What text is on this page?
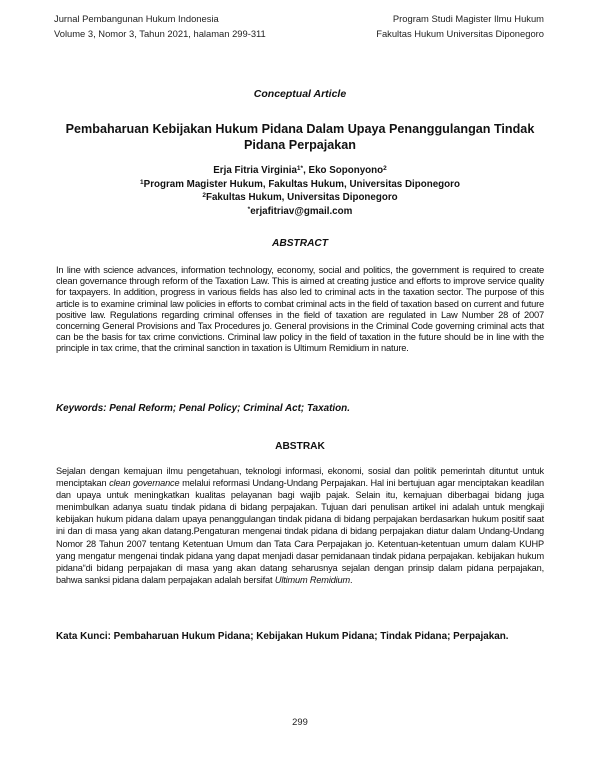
Jurnal Pembangunan Hukum Indonesia
Volume 3, Nomor 3, Tahun 2021, halaman 299-311
Program Studi Magister Ilmu Hukum
Fakultas Hukum Universitas Diponegoro
Conceptual Article
Pembaharuan Kebijakan Hukum Pidana Dalam Upaya Penanggulangan Tindak Pidana Perpajakan
Erja Fitria Virginia$^{1*}$, Eko Soponyono$^2$
$^1$Program Magister Hukum, Fakultas Hukum, Universitas Diponegoro
$^2$Fakultas Hukum, Universitas Diponegoro
*erjafitriav@gmail.com
ABSTRACT
In line with science advances, information technology, economy, social and politics, the government is required to create clean governance through reform of the Taxation Law. This is aimed at creating justice and efforts to improve service quality for taxpayers. In addition, progress in various fields has also led to criminal acts in the taxation sector. The purpose of this article is to examine criminal law policies in efforts to combat criminal acts in the field of taxation based on current and future positive law. Regulations regarding criminal offenses in the field of taxation are regulated in Law Number 28 of 2007 concerning General Provisions and Tax Procedures jo. General provisions in the Criminal Code governing criminal acts that can be the basis for tax crime convictions. Criminal law policy in the field of taxation in the future should be in line with the principle in tax crime, that the criminal sanction in taxation is Ultimum Remidium in nature.
Keywords: Penal Reform; Penal Policy; Criminal Act; Taxation.
ABSTRAK
Sejalan dengan kemajuan ilmu pengetahuan, teknologi informasi, ekonomi, sosial dan politik pemerintah dituntut untuk menciptakan clean governance melalui reformasi Undang-Undang Perpajakan. Hal ini bertujuan agar menciptakan keadilan dan upaya untuk meningkatkan kualitas pelayanan bagi wajib pajak. Selain itu, kemajuan diberbagai bidang juga menimbulkan adanya suatu tindak pidana di bidang perpajakan. Tujuan dari penulisan artikel ini adalah untuk mengkaji kebijakan hukum pidana dalam upaya penanggulangan tindak pidana di bidang perpajakan berdasarkan hukum positif saat ini dan di masa yang akan datang.Pengaturan mengenai tindak pidana di bidang perpajakan diatur dalam Undang-Undang Nomor 28 Tahun 2007 tentang Ketentuan Umum dan Tata Cara Perpajakan jo. Ketentuan-ketentuan umum dalam KUHP yang mengatur mengenai tindak pidana yang dapat menjadi dasar pemidanaan tindak pidana perpajakan. kebijakan hukum pidana“di bidang perpajakan di masa yang akan datang seharusnya sejalan dengan prinsip dalam pidana perpajakan, bahwa sanksi pidana dalam perpajakan adalah bersifat Ultimum Remidium.
Kata Kunci: Pembaharuan Hukum Pidana; Kebijakan Hukum Pidana; Tindak Pidana; Perpajakan.
299
